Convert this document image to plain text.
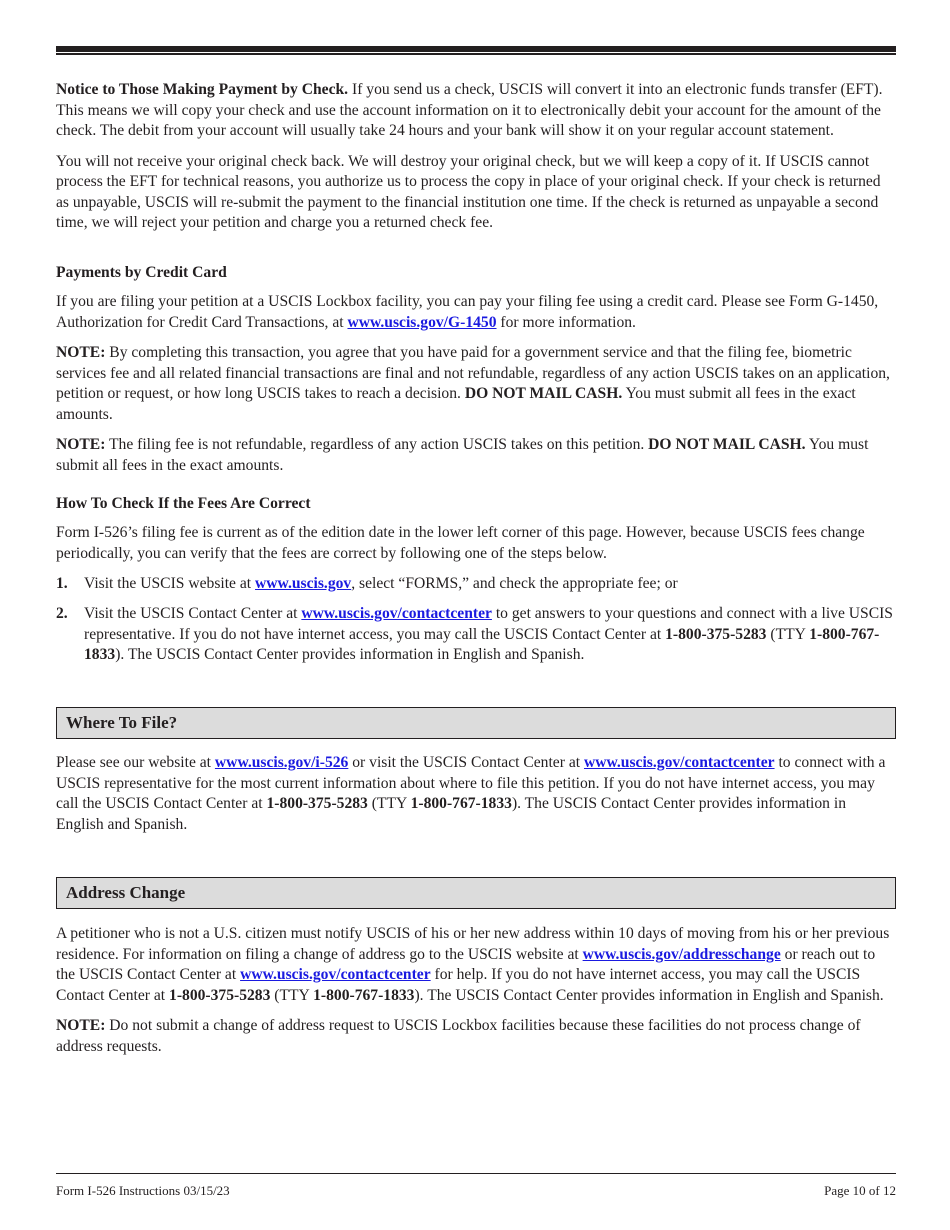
Notice to Those Making Payment by Check. If you send us a check, USCIS will convert it into an electronic funds transfer (EFT). This means we will copy your check and use the account information on it to electronically debit your account for the amount of the check. The debit from your account will usually take 24 hours and your bank will show it on your regular account statement.

You will not receive your original check back. We will destroy your original check, but we will keep a copy of it. If USCIS cannot process the EFT for technical reasons, you authorize us to process the copy in place of your original check. If your check is returned as unpayable, USCIS will re-submit the payment to the financial institution one time. If the check is returned as unpayable a second time, we will reject your petition and charge you a returned check fee.

Payments by Credit Card

If you are filing your petition at a USCIS Lockbox facility, you can pay your filing fee using a credit card. Please see Form G-1450, Authorization for Credit Card Transactions, at www.uscis.gov/G-1450 for more information.

NOTE: By completing this transaction, you agree that you have paid for a government service and that the filing fee, biometric services fee and all related financial transactions are final and not refundable, regardless of any action USCIS takes on an application, petition or request, or how long USCIS takes to reach a decision. DO NOT MAIL CASH. You must submit all fees in the exact amounts.

NOTE: The filing fee is not refundable, regardless of any action USCIS takes on this petition. DO NOT MAIL CASH. You must submit all fees in the exact amounts.

How To Check If the Fees Are Correct

Form I-526’s filing fee is current as of the edition date in the lower left corner of this page. However, because USCIS fees change periodically, you can verify that the fees are correct by following one of the steps below.

1. Visit the USCIS website at www.uscis.gov, select “FORMS,” and check the appropriate fee; or
2. Visit the USCIS Contact Center at www.uscis.gov/contactcenter to get answers to your questions and connect with a live USCIS representative. If you do not have internet access, you may call the USCIS Contact Center at 1-800-375-5283 (TTY 1-800-767-1833). The USCIS Contact Center provides information in English and Spanish.
Where To File?

Please see our website at www.uscis.gov/i-526 or visit the USCIS Contact Center at www.uscis.gov/contactcenter to connect with a USCIS representative for the most current information about where to file this petition. If you do not have internet access, you may call the USCIS Contact Center at 1-800-375-5283 (TTY 1-800-767-1833). The USCIS Contact Center provides information in English and Spanish.

Address Change

A petitioner who is not a U.S. citizen must notify USCIS of his or her new address within 10 days of moving from his or her previous residence. For information on filing a change of address go to the USCIS website at www.uscis.gov/addresschange or reach out to the USCIS Contact Center at www.uscis.gov/contactcenter for help. If you do not have internet access, you may call the USCIS Contact Center at 1-800-375-5283 (TTY 1-800-767-1833). The USCIS Contact Center provides information in English and Spanish.

NOTE: Do not submit a change of address request to USCIS Lockbox facilities because these facilities do not process change of address requests.

Form I-526 Instructions 03/15/23	Page 10 of 12
